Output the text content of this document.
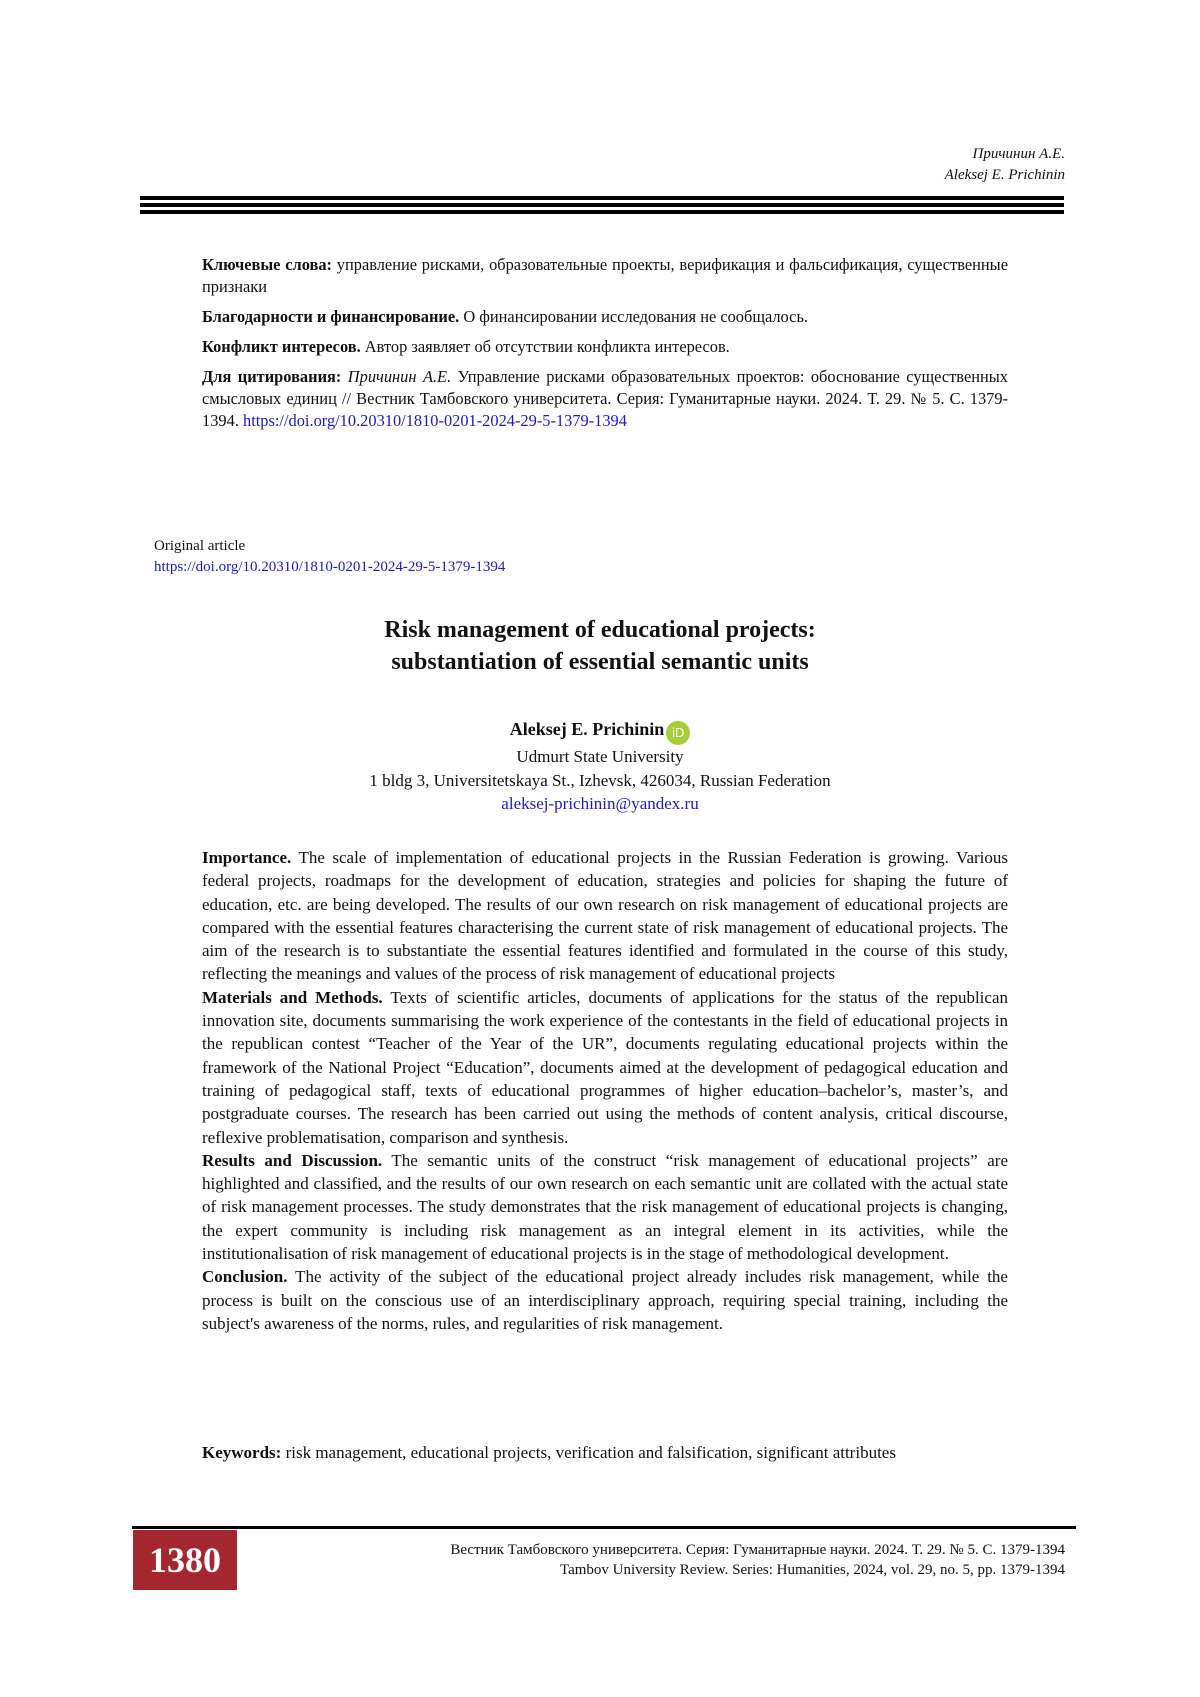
Причинин А.Е.
Aleksej E. Prichinin

Ключевые слова: управление рисками, образовательные проекты, верификация и фальсификация, существенные признаки

Благодарности и финансирование. О финансировании исследования не сообщалось.

Конфликт интересов. Автор заявляет об отсутствии конфликта интересов.

Для цитирования: Причинин А.Е. Управление рисками образовательных проектов: обоснование существенных смысловых единиц // Вестник Тамбовского университета. Серия: Гуманитарные науки. 2024. Т. 29. № 5. С. 1379-1394. https://doi.org/10.20310/1810-0201-2024-29-5-1379-1394

Original article
https://doi.org/10.20310/1810-0201-2024-29-5-1379-1394
Risk management of educational projects:
substantiation of essential semantic units
Aleksej E. Prichinin iD
Udmurt State University
1 bldg 3, Universitetskaya St., Izhevsk, 426034, Russian Federation
aleksej-prichinin@yandex.ru

Importance. The scale of implementation of educational projects in the Russian Federation is growing. Various federal projects, roadmaps for the development of education, strategies and policies for shaping the future of education, etc. are being developed. The results of our own research on risk management of educational projects are compared with the essential features characterising the current state of risk management of educational projects. The aim of the research is to substantiate the essential features identified and formulated in the course of this study, reflecting the meanings and values of the process of risk management of educational projects

Materials and Methods. Texts of scientific articles, documents of applications for the status of the republican innovation site, documents summarising the work experience of the contestants in the field of educational projects in the republican contest “Teacher of the Year of the UR”, documents regulating educational projects within the framework of the National Project “Education”, documents aimed at the development of pedagogical education and training of pedagogical staff, texts of educational programmes of higher education–bachelor’s, master’s, and postgraduate courses. The research has been carried out using the methods of content analysis, critical discourse, reflexive problematisation, comparison and synthesis.

Results and Discussion. The semantic units of the construct “risk management of educational projects” are highlighted and classified, and the results of our own research on each semantic unit are collated with the actual state of risk management processes. The study demonstrates that the risk management of educational projects is changing, the expert community is including risk management as an integral element in its activities, while the institutionalisation of risk management of educational projects is in the stage of methodological development.

Conclusion. The activity of the subject of the educational project already includes risk management, while the process is built on the conscious use of an interdisciplinary approach, requiring special training, including the subject's awareness of the norms, rules, and regularities of risk management.

Keywords: risk management, educational projects, verification and falsification, significant attributes
1380	Вестник Тамбовского университета. Серия: Гуманитарные науки. 2024. Т. 29. № 5. С. 1379-1394
Tambov University Review. Series: Humanities, 2024, vol. 29, no. 5, pp. 1379-1394
